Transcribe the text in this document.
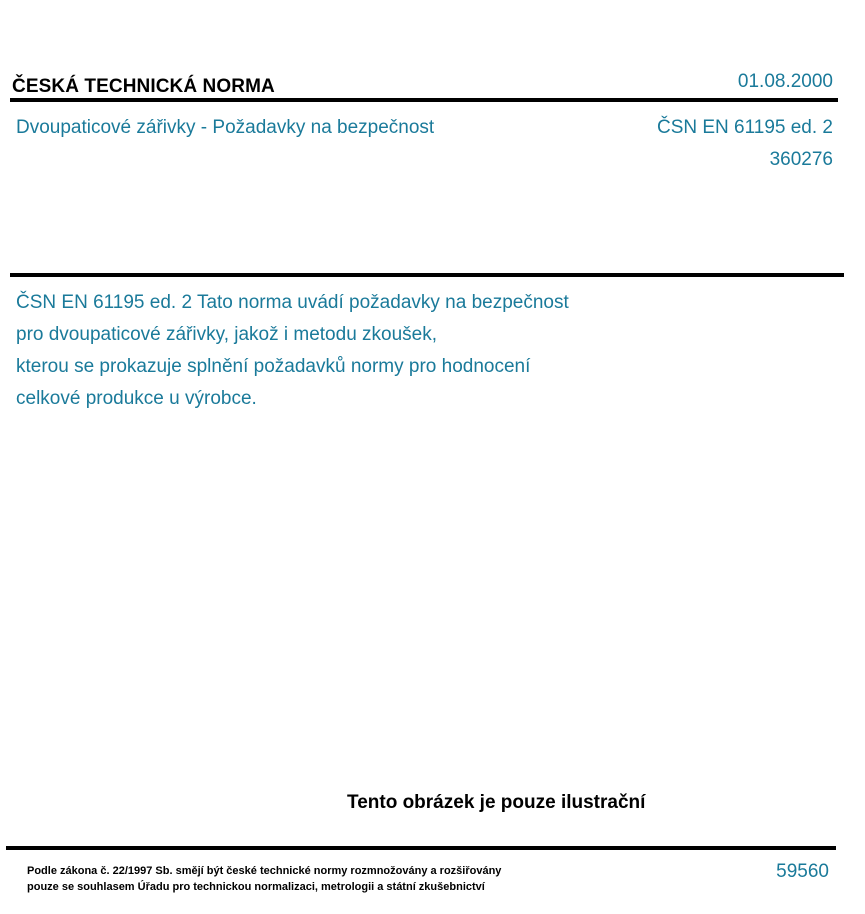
ČESKÁ TECHNICKÁ NORMA	01.08.2000
Dvoupaticové zářivky - Požadavky na bezpečnost	ČSN EN 61195 ed. 2
360276
ČSN EN 61195 ed. 2 Tato norma uvádí požadavky na bezpečnost
pro dvoupaticové zářivky, jakož i metodu zkoušek,
kterou se prokazuje splnění požadavků normy pro hodnocení
celkové produkce u výrobce.
Tento obrázek je pouze ilustrační
Podle zákona č. 22/1997 Sb. smějí být české technické normy rozmnožovány a rozšiřovány
pouze se souhlasem Úřadu pro technickou normalizaci, metrologii a státní zkušebnictví
59560
